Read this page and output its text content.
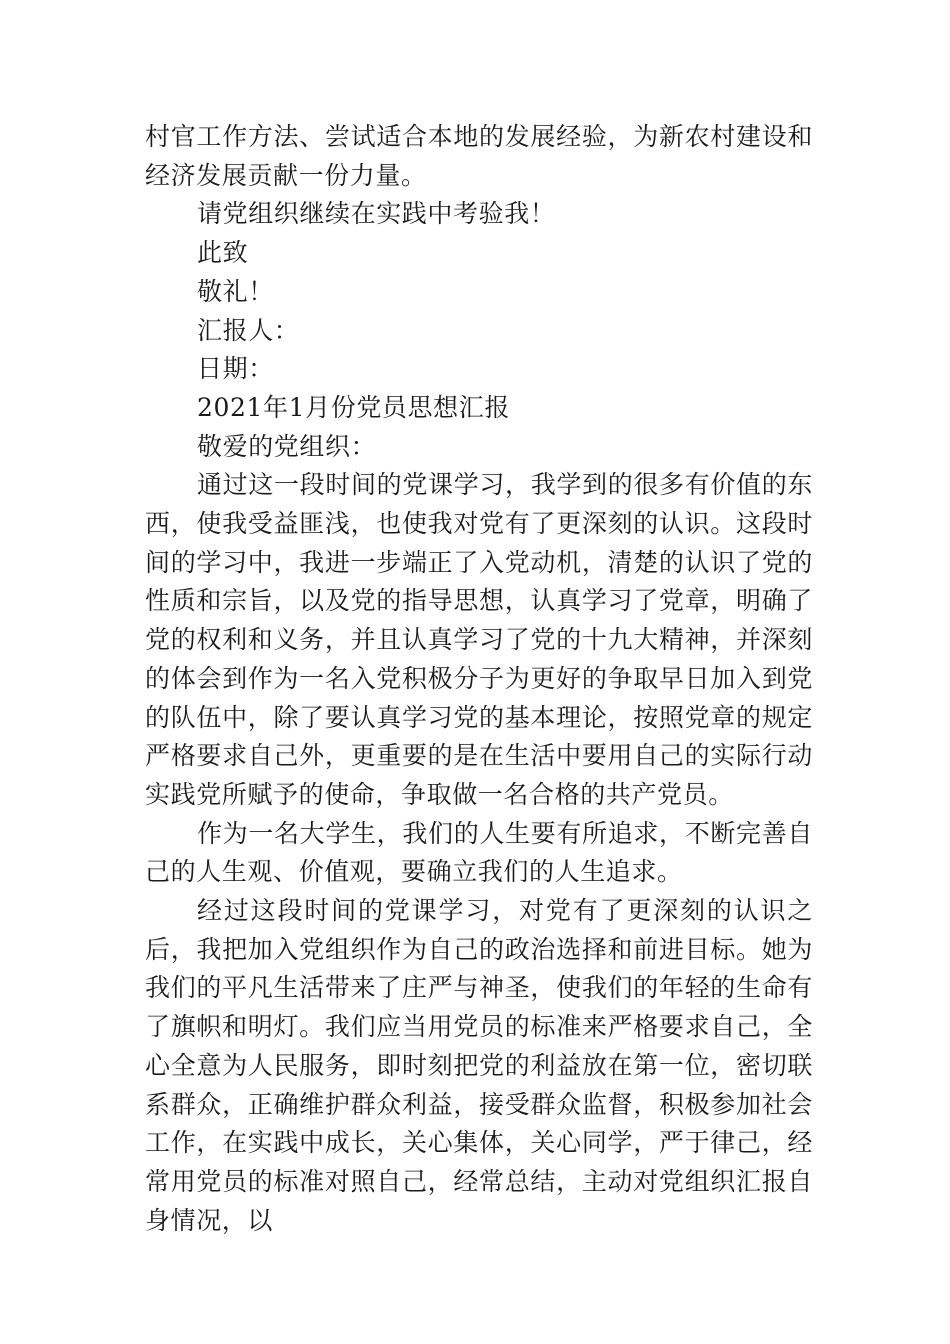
村官工作方法、尝试适合本地的发展经验，为新农村建设和经济发展贡献一份力量。

请党组织继续在实践中考验我！

此致

敬礼！

汇报人：

日期：

2021年1月份党员思想汇报

敬爱的党组织：

通过这一段时间的党课学习，我学到的很多有价值的东西，使我受益匪浅，也使我对党有了更深刻的认识。这段时间的学习中，我进一步端正了入党动机，清楚的认识了党的性质和宗旨，以及党的指导思想，认真学习了党章，明确了党的权利和义务，并且认真学习了党的十九大精神，并深刻的体会到作为一名入党积极分子为更好的争取早日加入到党的队伍中，除了要认真学习党的基本理论，按照党章的规定严格要求自己外，更重要的是在生活中要用自己的实际行动实践党所赋予的使命，争取做一名合格的共产党员。

作为一名大学生，我们的人生要有所追求，不断完善自己的人生观、价值观，要确立我们的人生追求。

经过这段时间的党课学习，对党有了更深刻的认识之后，我把加入党组织作为自己的政治选择和前进目标。她为我们的平凡生活带来了庄严与神圣，使我们的年轻的生命有了旗帜和明灯。我们应当用党员的标准来严格要求自己，全心全意为人民服务，即时刻把党的利益放在第一位，密切联系群众，正确维护群众利益，接受群众监督，积极参加社会工作，在实践中成长，关心集体，关心同学，严于律己，经常用党员的标准对照自己，经常总结，主动对党组织汇报自身情况，以
